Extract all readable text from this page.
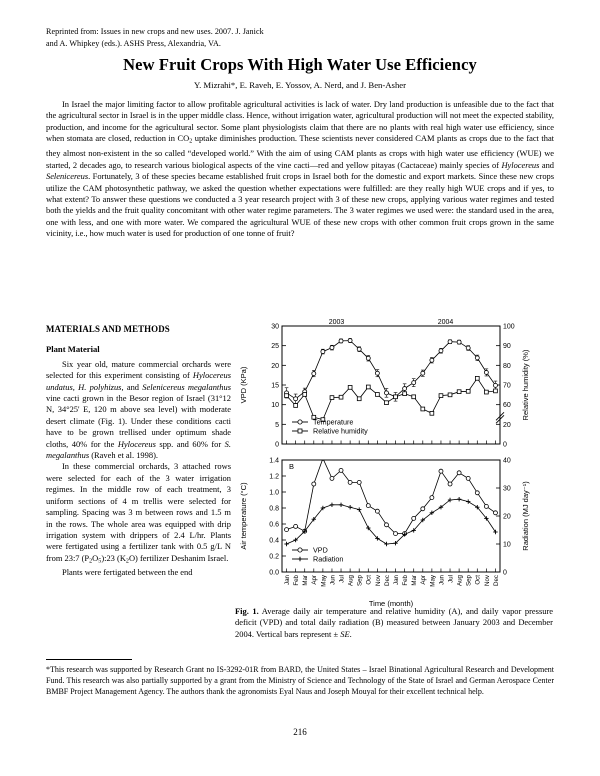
Reprinted from: Issues in new crops and new uses. 2007. J. Janick
and A. Whipkey (eds.). ASHS Press, Alexandria, VA.
New Fruit Crops With High Water Use Efficiency
Y. Mizrahi*, E. Raveh, E. Yossov, A. Nerd, and J. Ben-Asher
In Israel the major limiting factor to allow profitable agricultural activities is lack of water. Dry land production is unfeasible due to the fact that the agricultural sector in Israel is in the upper middle class. Hence, without irrigation water, agricultural production will not meet the expected stability, production, and income for the agricultural sector. Some plant physiologists claim that there are no plants with real high water use efficiency, since when stomata are closed, reduction in $CO_2$ uptake diminishes production. These scientists never considered CAM plants as crops due to the fact that they almost non-existent in the so called “developed world.” With the aim of using CAM plants as crops with high water use efficiency (WUE) we started, 2 decades ago, to research various biological aspects of the vine cacti—red and yellow pitayas (Cactaceae) mainly species of Hylocereus and Selenicereus. Fortunately, 3 of these species became established fruit crops in Israel both for the domestic and export markets. Since these new crops utilize the CAM photosynthetic pathway, we asked the question whether expectations were fulfilled: are they really high WUE crops and if yes, to what extent? To answer these questions we conducted a 3 year research project with 3 of these new crops, applying various water regimes and tested both the yields and the fruit quality concomitant with other water regime parameters. The 3 water regimes we used were: the standard used in the area, one with less, and one with more water. We compared the agricultural WUE of these new crops with other common fruit crops grown in the same vicinity, i.e., how much water is used for production of one tonne of fruit?
MATERIALS AND METHODS
Plant Material

Six year old, mature commercial orchards were selected for this experiment consisting of Hylocereus undatus, H. polyhizus, and Selenicereus megalanthus vine cacti grown in the Besor region of Israel (31°12 N, 34°25' E, 120 m above sea level) with moderate desert climate (Fig. 1). Under these conditions cacti have to be grown trellised under optimum shade cloths, 40% for the Hylocereus spp. and 60% for S. megalanthus (Raveh et al. 1998).

In these commercial orchards, 3 attached rows were selected for each of the 3 water irrigation regimes. In the middle row of each treatment, 3 uniform sections of 4 m trellis were selected for sampling. Spacing was 3 m between rows and 1.5 m in the rows. The whole area was equipped with drip irrigation system with drippers of 2.4 L/hr. Plants were fertigated using a fertilizer tank with 0.5 g/L N from 23:7 $(P_2O_5):23$ $(K_2O)$ fertilizer Deshanim Israel.

Plants were fertigated between the end

0
5
10
15
20
25
30
0
20
60
70
80
90
100
VPD (KPa)	Relative humidity (%)
2003	2004
Temperature
Relative humidity
0.0
0.2
0.4
0.6
0.8
1.0
1.2
1.4
0
10
20
30
40
Air temperature (°C)	Radiation (MJ day⁻¹)
B
VPD
Radiation
Jan Feb Mar Apr May Jun Jul Aug Sep Oct Nov Dec Jan Feb Mar Apr May Jun Jul Aug Sep Oct Nov Dec
Time (month)
Fig. 1. Average daily air temperature and relative humidity (A), and daily vapor pressure deficit (VPD) and total daily radiation (B) measured between January 2003 and December 2004. Vertical bars represent ± SE.

*This research was supported by Research Grant no IS-3292-01R from BARD, the United States – Israel Binational Agricultural Research and Development Fund. This research was also partially supported by a grant from the Ministry of Science and Technology of the State of Israel and German Aerospace Center BMBF Project Management Agency. The authors thank the agronomists Eyal Naus and Joseph Mouyal for their excellent technical help.

216
